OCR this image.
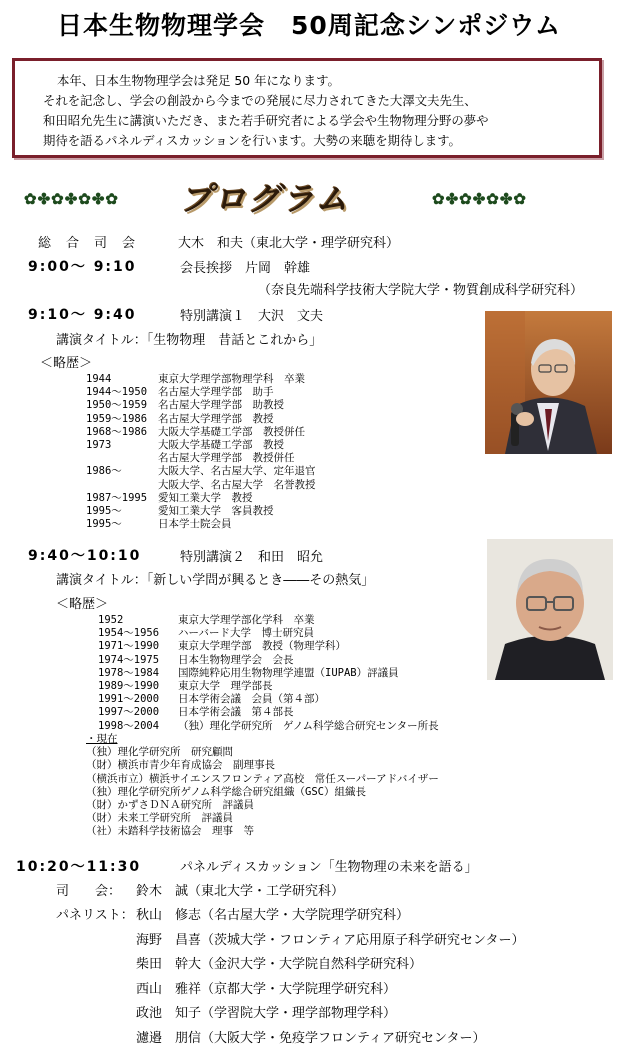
日本生物物理学会　50周記念シンポジウム
本年、日本生物物理学会は発足 50 年になります。
それを記念し、学会の創設から今までの発展に尽力されてきた大澤文夫先生、
和田昭允先生に講演いただき、また若手研究者による学会や生物物理分野の夢や
期待を語るパネルディスカッションを行います。大勢の来聴を期待します。
✿✤✿✤✿✤✿ プログラム	✿✤✿✤✿✤✿
総　合　司　会	大木　和夫（東北大学・理学研究科）
9:00～ 9:10	会長挨拶　片岡　幹雄
（奈良先端科学技術大学院大学・物質創成科学研究科）
9:10～ 9:40	特別講演１　大沢　文夫
講演タイトル：「生物物理　昔話とこれから」
＜略歴＞
1944	東京大学理学部物理学科　卒業
1944～1950	名古屋大学理学部　助手
1950～1959	名古屋大学理学部　助教授
1959～1986	名古屋大学理学部　教授
1968～1986	大阪大学基礎工学部　教授併任
1973	大阪大学基礎工学部　教授
名古屋大学理学部　教授併任
1986～	大阪大学、名古屋大学、定年退官
大阪大学、名古屋大学　名誉教授
1987～1995	愛知工業大学　教授
1995～	愛知工業大学　客員教授
1995～	日本学士院会員
9:40～10:10	特別講演２　和田　昭允
講演タイトル：「新しい学問が興るとき――その熱気」
＜略歴＞
1952	東京大学理学部化学科　卒業
1954～1956	ハーバード大学　博士研究員
1971～1990	東京大学理学部　教授（物理学科）
1974～1975	日本生物物理学会　会長
1978～1984	国際純粋応用生物物理学連盟（IUPAB）評議員
1989～1990	東京大学　理学部長
1991～2000	日本学術会議　会員（第４部）
1997～2000	日本学術会議　第４部長
1998～2004	（独）理化学研究所　ゲノム科学総合研究センター所長
・現在
（独）理化学研究所　研究顧問
（財）横浜市青少年育成協会　副理事長
（横浜市立）横浜サイエンスフロンティア高校　常任スーパーアドバイザー
（独）理化学研究所ゲノム科学総合研究組織（GSC）組織長
（財）かずさＤＮＡ研究所　評議員
（財）未来工学研究所　評議員
（社）未踏科学技術協会　理事　等
10:20～11:30	パネルディスカッション「生物物理の未来を語る」
司　　会： 鈴木　誠（東北大学・工学研究科）
パネリスト： 秋山　修志（名古屋大学・大学院理学研究科）
海野　昌喜（茨城大学・フロンティア応用原子科学研究センター）
柴田　幹大（金沢大学・大学院自然科学研究科）
西山　雅祥（京都大学・大学院理学研究科）
政池　知子（学習院大学・理学部物理学科）
濾邉　朋信（大阪大学・免疫学フロンティア研究センター）
